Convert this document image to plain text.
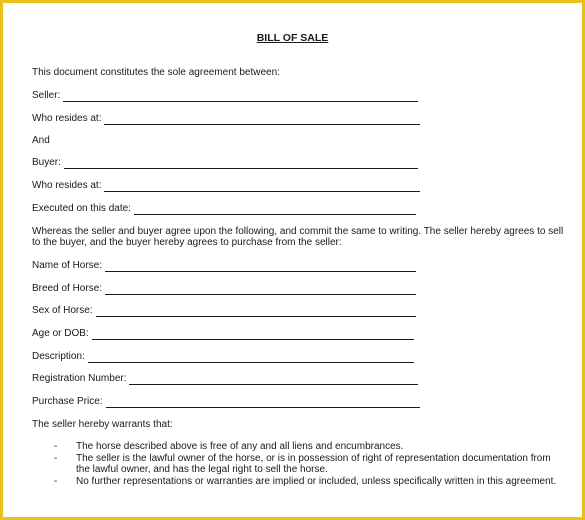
BILL OF SALE
This document constitutes the sole agreement between:
Seller:
Who resides at:
And
Buyer:
Who resides at:
Executed on this date:
Whereas the seller and buyer agree upon the following, and commit the same to writing. The seller hereby agrees to sell
to the buyer, and the buyer hereby agrees to purchase from the seller:
Name of Horse:
Breed of Horse:
Sex of Horse:
Age or DOB:
Description:
Registration Number:
Purchase Price:
The seller hereby warrants that:
- The horse described above is free of any and all liens and encumbrances.
- The seller is the lawful owner of the horse, or is in possession of right of representation documentation from the lawful owner, and has the legal right to sell the horse.
- No further representations or warranties are implied or included, unless specifically written in this agreement.
